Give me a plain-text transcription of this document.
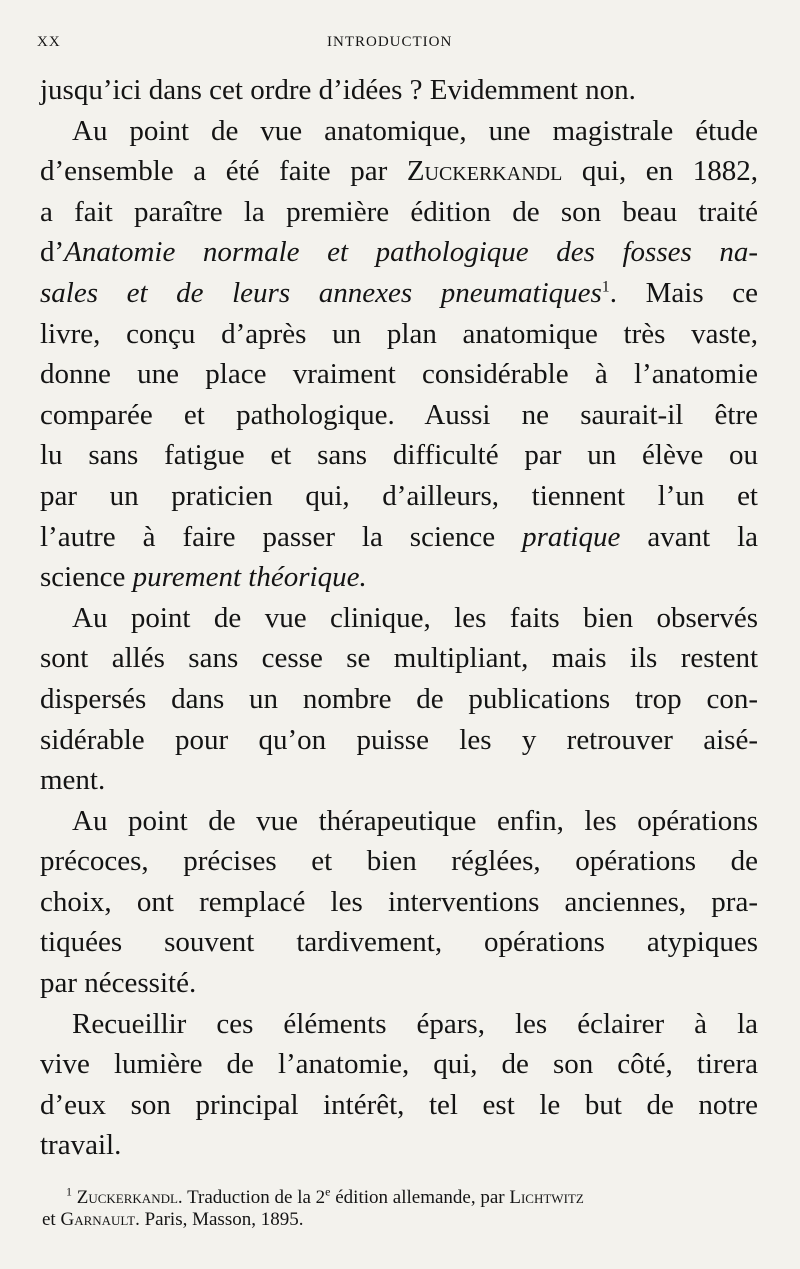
XX	INTRODUCTION
jusqu’ici dans cet ordre d’idées ? Evidemment non.
Au point de vue anatomique, une magistrale étude
d’ensemble a été faite par Zuckerkandl qui, en 1882,
a fait paraître la première édition de son beau traité
d’Anatomie normale et pathologique des fosses na-
sales et de leurs annexes pneumatiques$^1$. Mais ce
livre, conçu d’après un plan anatomique très vaste,
donne une place vraiment considérable à l’anatomie
comparée et pathologique. Aussi ne saurait-il être
lu sans fatigue et sans difficulté par un élève ou
par un praticien qui, d’ailleurs, tiennent l’un et
l’autre à faire passer la science pratique avant la
science purement théorique.
Au point de vue clinique, les faits bien observés
sont allés sans cesse se multipliant, mais ils restent
dispersés dans un nombre de publications trop con-
sidérable pour qu’on puisse les y retrouver aisé-
ment.
Au point de vue thérapeutique enfin, les opérations
précoces, précises et bien réglées, opérations de
choix, ont remplacé les interventions anciennes, pra-
tiquées souvent tardivement, opérations atypiques
par nécessité.
Recueillir ces éléments épars, les éclairer à la
vive lumière de l’anatomie, qui, de son côté, tirera
d’eux son principal intérêt, tel est le but de notre
travail.
$^1$ Zuckerkandl. Traduction de la 2e édition allemande, par Lichtwitz
et Garnault. Paris, Masson, 1895.
